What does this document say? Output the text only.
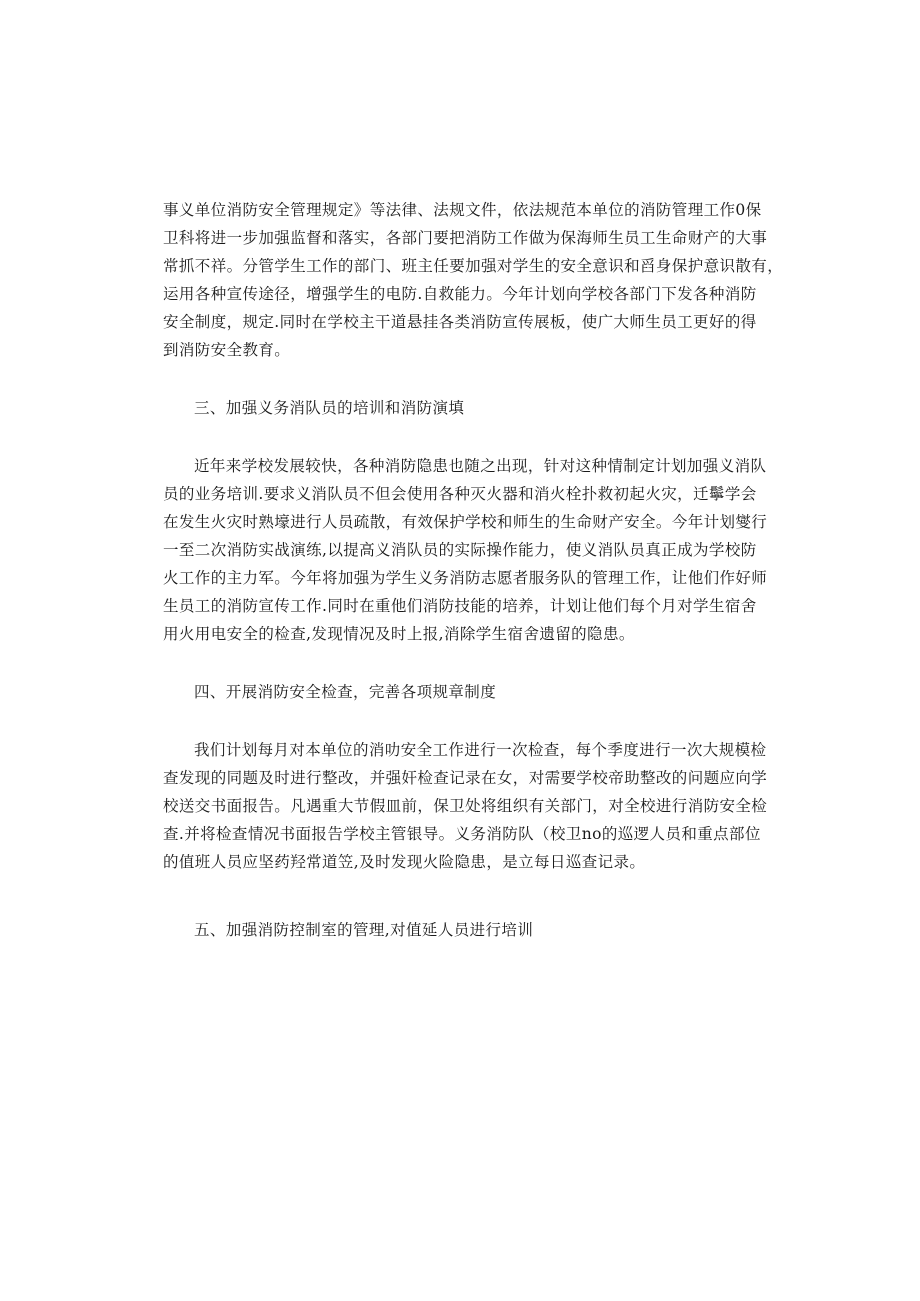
事义单位消防安全管理规定》等法律、法规文件，依法规范本单位的消防管理工作0保
卫科将进一步加强监督和落实，各部门要把消防工作做为保海师生员工生命财产的大事
常抓不祥。分管学生工作的部门、班主任要加强对学生的安全意识和舀身保护意识散有，
运用各种宣传途径，增强学生的电防.自救能力。今年计划向学校各部门下发各种消防
安全制度，规定.同时在学校主干道悬挂各类消防宣传展板，使广大师生员工更好的得
到消防安全教育。
三、加强义务消队员的培训和消防演填
近年来学校发展较快，各种消防隐患也随之出现，针对这种情制定计划加强义消队
员的业务培训.要求义消队员不但会使用各种灭火器和消火栓扑救初起火灾，迁鬡学会
在发生火灾时熟壕进行人员疏散，有效保护学校和师生的生命财产安全。今年计划燮行
一至二次消防实战演练,以提高义消队员的实际操作能力，使义消队员真正成为学校防
火工作的主力军。今年将加强为学生义务消防志愿者服务队的管理工作，让他们作好师
生员工的消防宣传工作.同时在重他们消防技能的培养，计划让他们每个月对学生宿舍
用火用电安全的检查,发现情况及时上报,消除学生宿舍遗留的隐患。
四、开展消防安全检查，完善各项规章制度
我们计划每月对本单位的消叻安全工作进行一次检查，每个季度进行一次大规模检
查发现的同题及时进行整改，并强奸检查记录在女，对需要学校帝助整改的问题应向学
校送交书面报告。凡遇重大节假皿前，保卫处将组织有关部门，对全校进行消防安全检
查.并将检查情况书面报告学校主管银导。义务消防队（校卫no的巡逻人员和重点部位
的值班人员应坚药羟常道笠,及时发现火险隐患，是立每日巡查记录。
五、加强消防控制室的管理,对值延人员进行培训
